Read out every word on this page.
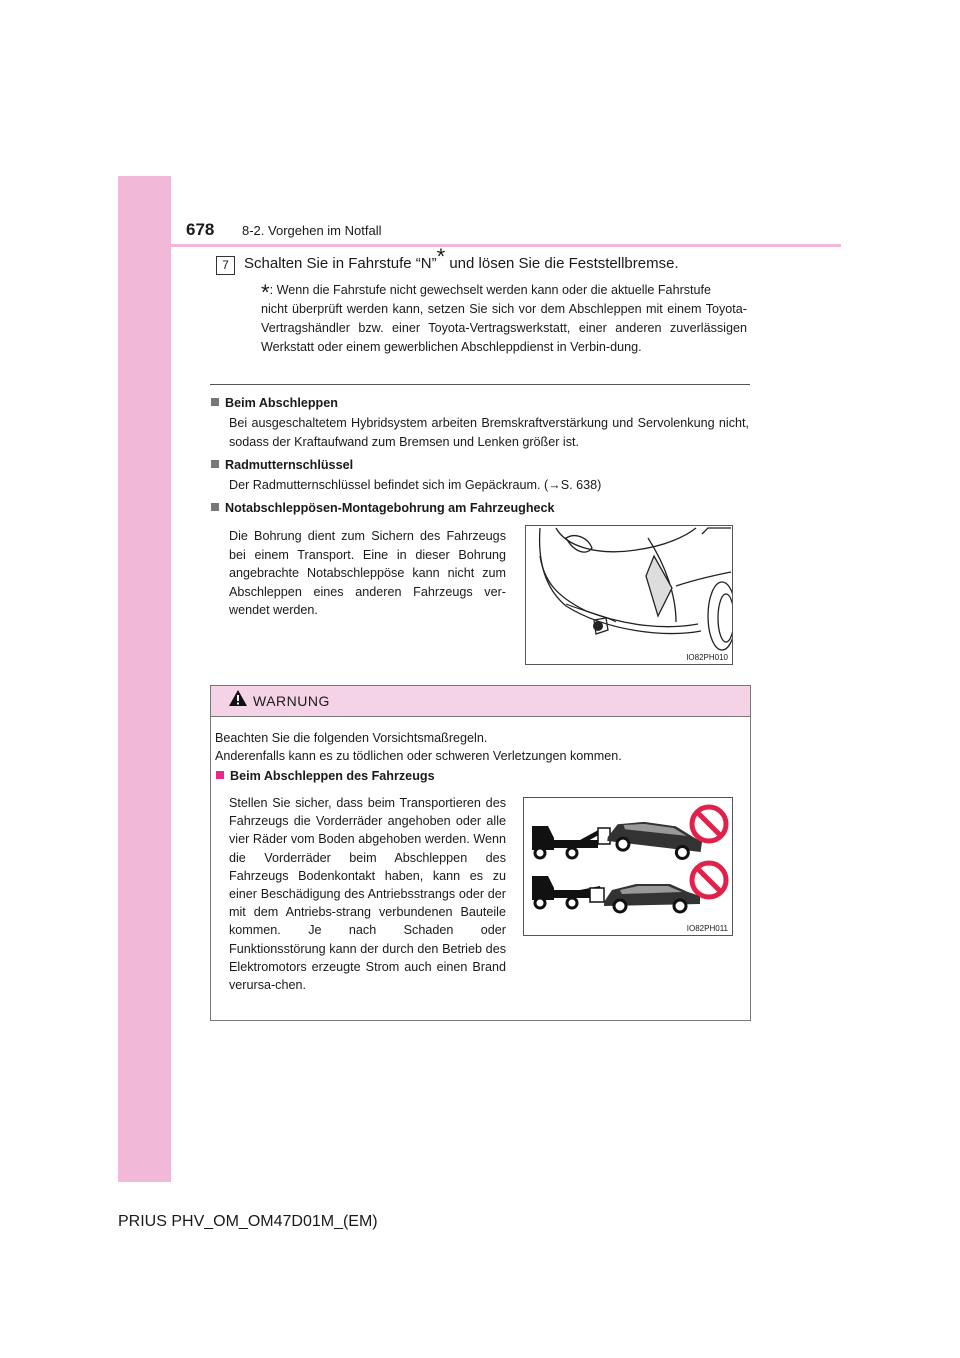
678 8-2. Vorgehen im Notfall
7	Schalten Sie in Fahrstufe “N”* und lösen Sie die Feststellbremse.
*: Wenn die Fahrstufe nicht gewechselt werden kann oder die aktuelle Fahrstufe
nicht überprüft werden kann, setzen Sie sich vor dem Abschleppen mit einem Toyota-Vertragshändler bzw. einer Toyota-Vertragswerkstatt, einer anderen zuverlässigen Werkstatt oder einem gewerblichen Abschleppdienst in Verbin-dung.
Beim Abschleppen
Bei ausgeschaltetem Hybridsystem arbeiten Bremskraftverstärkung und Servolenkung nicht, sodass der Kraftaufwand zum Bremsen und Lenken größer ist.
Radmutternschlüssel
Der Radmutternschlüssel befindet sich im Gepäckraum. (→S. 638)
Notabschleppösen-Montagebohrung am Fahrzeugheck
Die Bohrung dient zum Sichern des Fahrzeugs bei einem Transport. Eine in dieser Bohrung angebrachte Notabschleppöse kann nicht zum Abschleppen eines anderen Fahrzeugs ver-wendet werden.
IO82PH010
WARNUNG
Beachten Sie die folgenden Vorsichtsmaßregeln.
Anderenfalls kann es zu tödlichen oder schweren Verletzungen kommen.
Beim Abschleppen des Fahrzeugs
Stellen Sie sicher, dass beim Transportieren des Fahrzeugs die Vorderräder angehoben oder alle vier Räder vom Boden abgehoben werden. Wenn die Vorderräder beim Abschleppen des Fahrzeugs Bodenkontakt haben, kann es zu einer Beschädigung des Antriebsstrangs oder der mit dem Antriebs-strang verbundenen Bauteile kommen. Je nach Schaden oder Funktionsstörung kann der durch den Betrieb des Elektromotors erzeugte Strom auch einen Brand verursa-chen.
IO82PH011
PRIUS PHV_OM_OM47D01M_(EM)
